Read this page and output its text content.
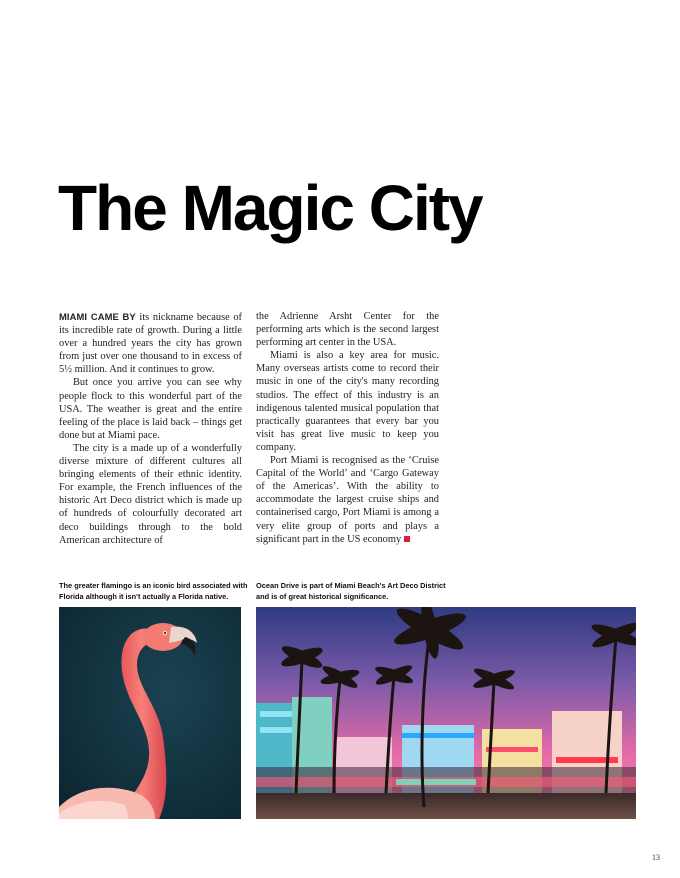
The Magic City

MIAMI CAME BY its nickname because of its incredible rate of growth. During a little over a hundred years the city has grown from just over one thousand to in excess of 5½ million. And it continues to grow.

But once you arrive you can see why people flock to this wonderful part of the USA. The weather is great and the entire feeling of the place is laid back – things get done but at Miami pace.

The city is a made up of a wonderfully diverse mixture of different cultures all bringing elements of their ethnic identity. For example, the French influences of the historic Art Deco district which is made up of hundreds of colourfully decorated art deco buildings through to the bold American architecture of

the Adrienne Arsht Center for the performing arts which is the second largest performing art center in the USA.

Miami is also a key area for music. Many overseas artists come to record their music in one of the city's many recording studios. The effect of this industry is an indigenous talented musical population that practically guarantees that every bar you visit has great live music to keep you company.

Port Miami is recognised as the ‘Cruise Capital of the World’ and ‘Cargo Gateway of the Americas’. With the ability to accommodate the largest cruise ships and containerised cargo, Port Miami is among a very elite group of ports and plays a significant part in the US economy

The greater flamingo is an iconic bird associated with Florida although it isn't actually a Florida native.

Ocean Drive is part of Miami Beach's Art Deco District and is of great historical significance.

13
